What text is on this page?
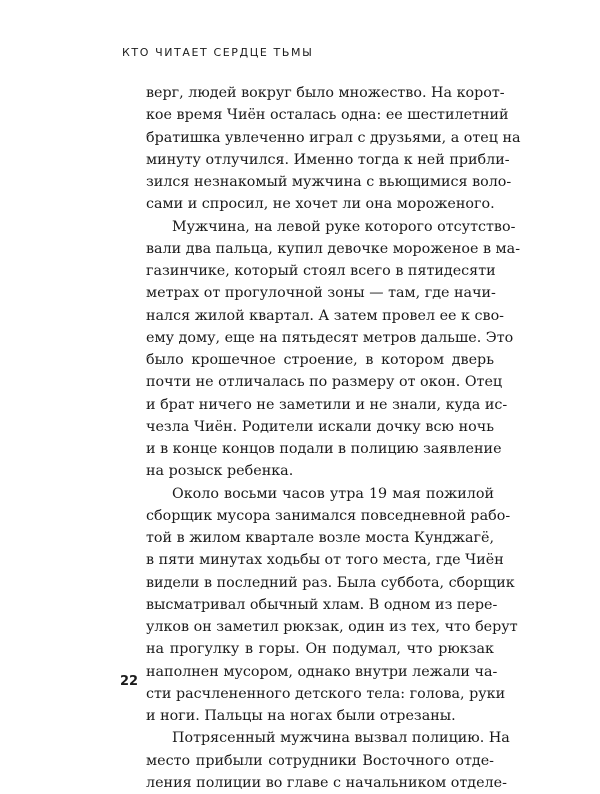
КТО ЧИТАЕТ СЕРДЦЕ ТЬМЫ
верг, людей вокруг было множество. На корот-
кое время Чиён осталась одна: ее шестилетний
братишка увлеченно играл с друзьями, а отец на
минуту отлучился. Именно тогда к ней прибли-
зился незнакомый мужчина с вьющимися воло-
сами и спросил, не хочет ли она мороженого.
Мужчина, на левой руке которого отсутство-
вали два пальца, купил девочке мороженое в ма-
газинчике, который стоял всего в пятидесяти
метрах от прогулочной зоны — там, где начи-
нался жилой квартал. А затем провел ее к сво-
ему дому, еще на пятьдесят метров дальше. Это
было крошечное строение, в котором дверь
почти не отличалась по размеру от окон. Отец
и брат ничего не заметили и не знали, куда ис-
чезла Чиён. Родители искали дочку всю ночь
и в конце концов подали в полицию заявление
на розыск ребенка.
Около восьми часов утра 19 мая пожилой
сборщик мусора занимался повседневной рабо-
той в жилом квартале возле моста Кунджагё,
в пяти минутах ходьбы от того места, где Чиён
видели в последний раз. Была суббота, сборщик
высматривал обычный хлам. В одном из пере-
улков он заметил рюкзак, один из тех, что берут
на прогулку в горы. Он подумал, что рюкзак
наполнен мусором, однако внутри лежали ча-
сти расчлененного детского тела: голова, руки
и ноги. Пальцы на ногах были отрезаны.
Потрясенный мужчина вызвал полицию. На
место прибыли сотрудники Восточного отде-
ления полиции во главе с начальником отделе-
22
